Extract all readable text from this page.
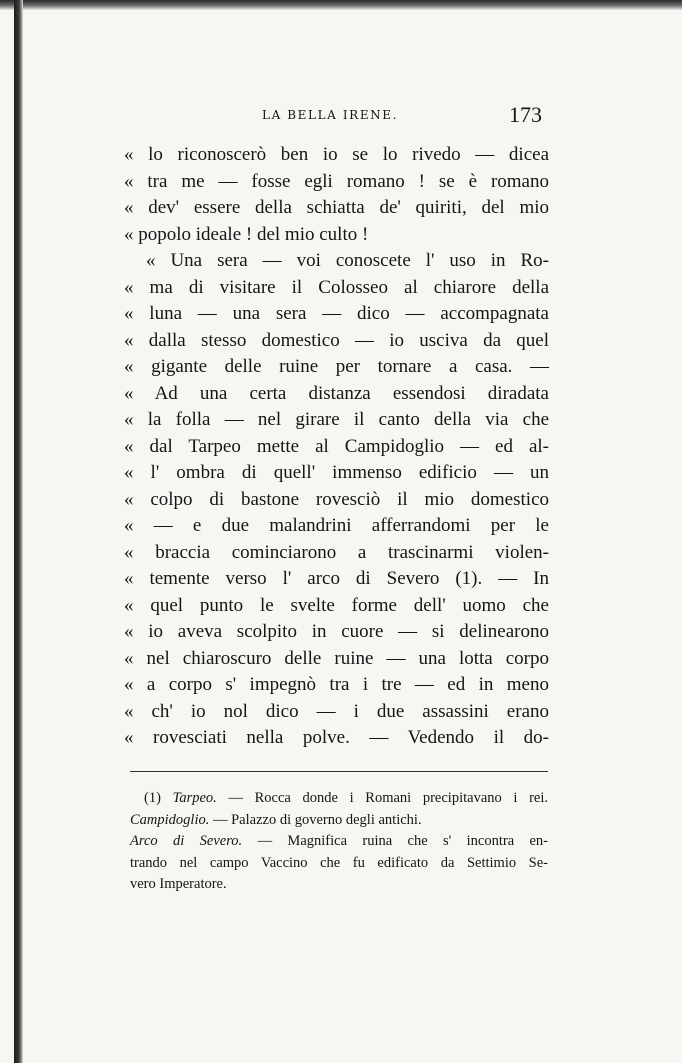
LA BELLA IRENE.	173
« lo riconoscerò ben io se lo rivedo — dicea
« tra me — fosse egli romano ! se è romano
« dev' essere della schiatta de' quiriti, del mio
« popolo ideale ! del mio culto !
« Una sera — voi conoscete l' uso in Ro-
« ma di visitare il Colosseo al chiarore della
« luna — una sera — dico — accompagnata
« dalla stesso domestico — io usciva da quel
« gigante delle ruine per tornare a casa. —
« Ad una certa distanza essendosi diradata
« la folla — nel girare il canto della via che
« dal Tarpeo mette al Campidoglio — ed al-
« l' ombra di quell' immenso edificio — un
« colpo di bastone rovesciò il mio domestico
« — e due malandrini afferrandomi per le
« braccia cominciarono a trascinarmi violen-
« temente verso l' arco di Severo (1). — In
« quel punto le svelte forme dell' uomo che
« io aveva scolpito in cuore — si delinearono
« nel chiaroscuro delle ruine — una lotta corpo
« a corpo s' impegnò tra i tre — ed in meno
« ch' io nol dico — i due assassini erano
« rovesciati nella polve. — Vedendo il do-
(1) Tarpeo. — Rocca donde i Romani precipitavano i rei.
Campidoglio. — Palazzo di governo degli antichi.
Arco di Severo. — Magnifica ruina che s' incontra en-
trando nel campo Vaccino che fu edificato da Settimio Se-
vero Imperatore.
